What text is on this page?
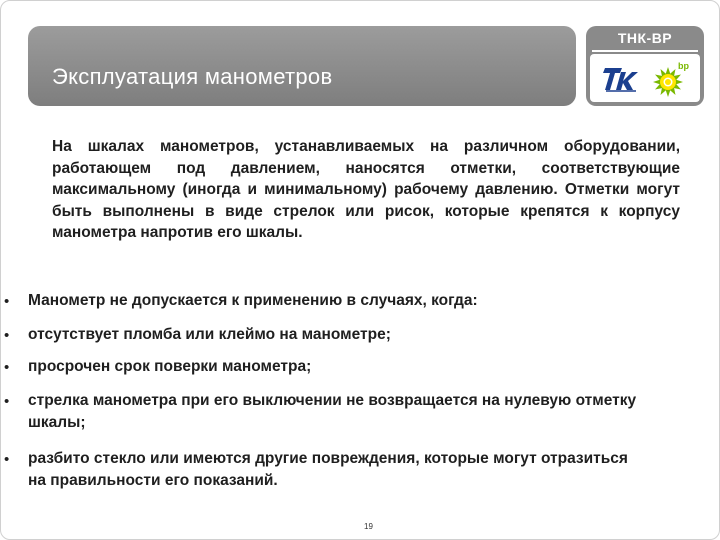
Эксплуатация манометров
ТНК-ВР
bp
На шкалах манометров, устанавливаемых на различном оборудовании, работающем под давлением, наносятся отметки, соответствующие максимальному (иногда и минимальному) рабочему давлению. Отметки могут быть выполнены в виде стрелок или рисок, которые крепятся к корпусу манометра напротив его шкалы.
• Манометр не допускается к применению в случаях, когда:
• отсутствует пломба или клеймо на манометре;
• просрочен срок поверки манометра;
• стрелка манометра при его выключении не возвращается на нулевую отметку шкалы;
• разбито стекло или имеются другие повреждения, которые могут отразиться на правильности его показаний.
19
